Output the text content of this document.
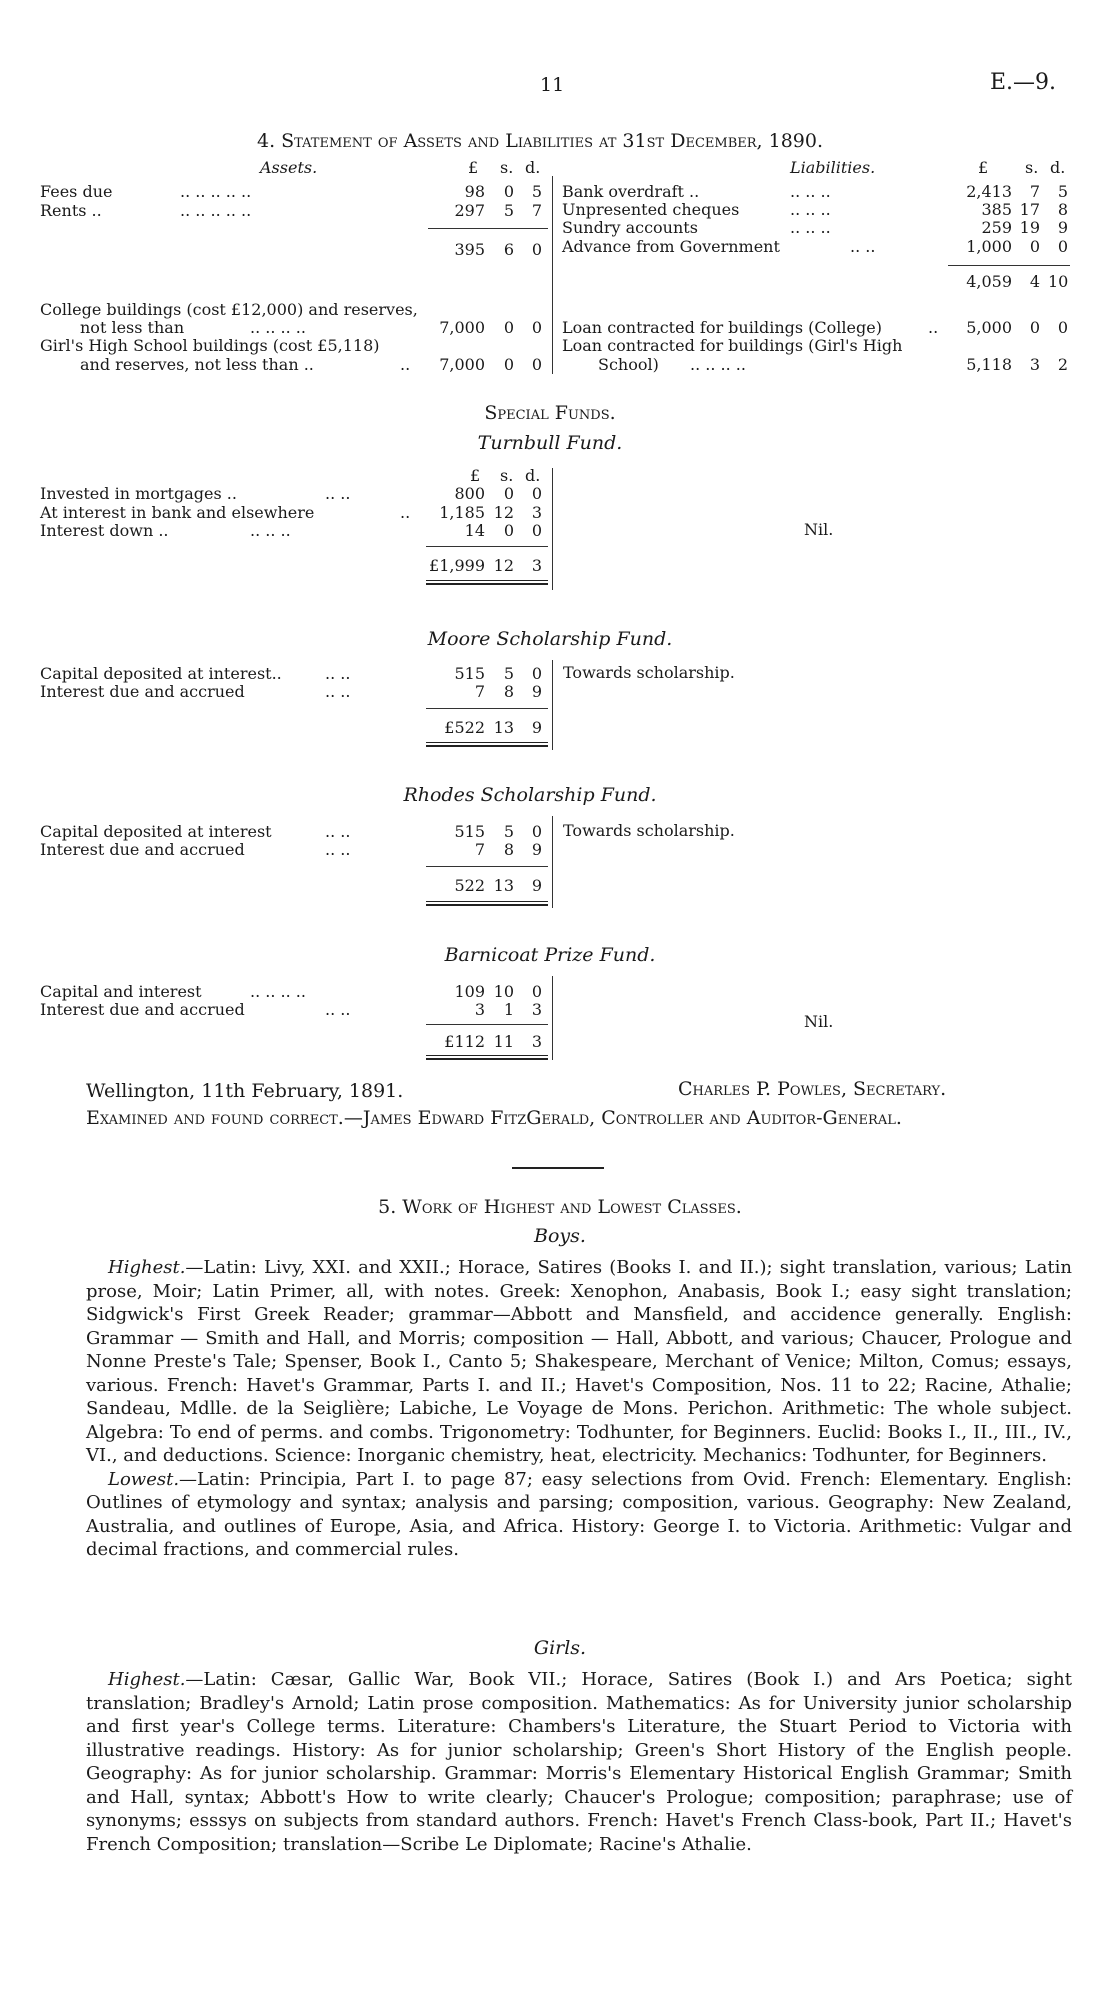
11	E.—9.
4. Statement of Assets and Liabilities at 31st December, 1890.
Assets.	Liabilities.
£ s. d.	£ s. d.
Fees due	.. .. .. .. ..	98	0	5
Rents ..	.. .. .. .. ..	297	5	7
395	6	0
Bank overdraft ..	.. .. ..	2,413	7	5
Unpresented cheques	.. .. ..	385 17	8
Sundry accounts	.. .. ..	259 19	9
Advance from Government	.. ..	1,000	0	0
4,059	4 10
College buildings (cost £12,000) and reserves,
not less than	.. .. .. ..	7,000	0	0
Girl's High School buildings (cost £5,118)
and reserves, not less than ..	..	7,000	0	0
Loan contracted for buildings (College)	..	5,000	0	0
Loan contracted for buildings (Girl's High
School) .. .. .. ..	5,118	3	2
Special Funds.
Turnbull Fund.
£ s. d.
Invested in mortgages ..	.. ..	800	0	0
At interest in bank and elsewhere	..	1,185 12	3
Interest down ..	.. .. ..	14	0	0
£1,999 12	3
Nil.
Moore Scholarship Fund.
Capital deposited at interest..	.. ..	515	5	0
Interest due and accrued	.. ..	7	8	9
£522 13	9
Towards scholarship.
Rhodes Scholarship Fund.
Capital deposited at interest	.. ..	515	5	0
Interest due and accrued	.. ..	7	8	9
522 13	9
Towards scholarship.
Barnicoat Prize Fund.
Capital and interest	.. .. .. ..	109 10	0
Interest due and accrued	.. ..	3	1	3
£112 11	3
Nil.
Wellington, 11th February, 1891.	Charles P. Powles, Secretary.
Examined and found correct.—James Edward FitzGerald, Controller and Auditor-General.
5. Work of Highest and Lowest Classes.
Boys.

Highest.—Latin: Livy, XXI. and XXII.; Horace, Satires (Books I. and II.); sight translation, various; Latin prose, Moir; Latin Primer, all, with notes. Greek: Xenophon, Anabasis, Book I.; easy sight translation; Sidgwick's First Greek Reader; grammar—Abbott and Mansfield, and accidence generally. English: Grammar — Smith and Hall, and Morris; composition — Hall, Abbott, and various; Chaucer, Prologue and Nonne Preste's Tale; Spenser, Book I., Canto 5; Shakespeare, Merchant of Venice; Milton, Comus; essays, various. French: Havet's Grammar, Parts I. and II.; Havet's Composition, Nos. 11 to 22; Racine, Athalie; Sandeau, Mdlle. de la Seiglière; Labiche, Le Voyage de Mons. Perichon. Arithmetic: The whole subject. Algebra: To end of perms. and combs. Trigonometry: Todhunter, for Beginners. Euclid: Books I., II., III., IV., VI., and deductions. Science: Inorganic chemistry, heat, electricity. Mechanics: Todhunter, for Beginners.

Lowest.—Latin: Principia, Part I. to page 87; easy selections from Ovid. French: Elementary. English: Outlines of etymology and syntax; analysis and parsing; composition, various. Geography: New Zealand, Australia, and outlines of Europe, Asia, and Africa. History: George I. to Victoria. Arithmetic: Vulgar and decimal fractions, and commercial rules.

Girls.

Highest.—Latin: Cæsar, Gallic War, Book VII.; Horace, Satires (Book I.) and Ars Poetica; sight translation; Bradley's Arnold; Latin prose composition. Mathematics: As for University junior scholarship and first year's College terms. Literature: Chambers's Literature, the Stuart Period to Victoria with illustrative readings. History: As for junior scholarship; Green's Short History of the English people. Geography: As for junior scholarship. Grammar: Morris's Elementary Historical English Grammar; Smith and Hall, syntax; Abbott's How to write clearly; Chaucer's Prologue; composition; paraphrase; use of synonyms; esssys on subjects from standard authors. French: Havet's French Class-book, Part II.; Havet's French Composition; translation—Scribe Le Diplomate; Racine's Athalie.
